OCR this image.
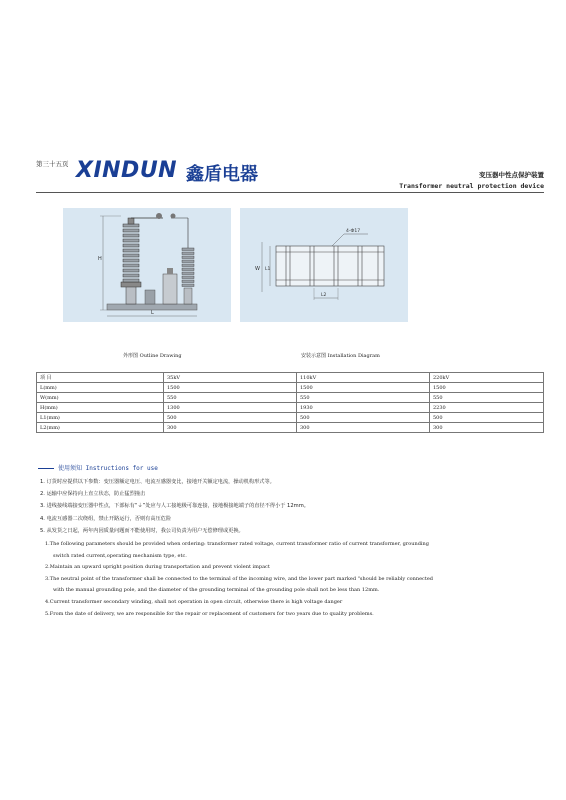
第三十五页 XINDUN 鑫盾电器	变压器中性点保护装置
Transformer neutral protection device
H
L
4-Ф17
W L1
L2
外形图 Outline Drawing	安装示意图 Installation Diagram
项 目	35kV	110kV	220kV
L(mm)	1500	1500	1500
W(mm)	550	550	550
H(mm)	1300	1930	2230
L1(mm)	500	500	500
L2(mm)	300	300	300
使用须知 Instructions for use
1. 订货时应提供以下参数：变压器额定电压、电流互感器变比，接地开关额定电流，操动机构形式等。
2. 运输中应保持向上直立状态，防止猛烈撞击
3. 进线接线端接变压器中性点，下部标有“⏚”处应与人工接地极可靠连接，接地极接地端子的直径不得小于 12mm。
4. 电流互感器二次绕组，禁止开路运行，否则有高压危险
5. 从发货之日起，两年内因质量问题而不能使用时，我公司负责为用户无偿修理或更换。
1.The following parameters should be provided when ordering: transformer rated voltage, current transformer ratio of current transformer, grounding
switch rated current,operating mechanism type, etc.
2.Maintain an upward upright position during transportation and prevent violent impact
3.The neutral point of the transformer shall be connected to the terminal of the incoming wire, and the lower part marked "should be reliably connected
with the manual grounding pole, and the diameter of the grounding terminal of the grounding pole shall not be less than 12mm.
4.Current transformer secondary winding, shall not operation in open circuit, otherwise there is high voltage danger
5.From the date of delivery, we are responsible for the repair or replacement of customers for two years due to quality problems.
